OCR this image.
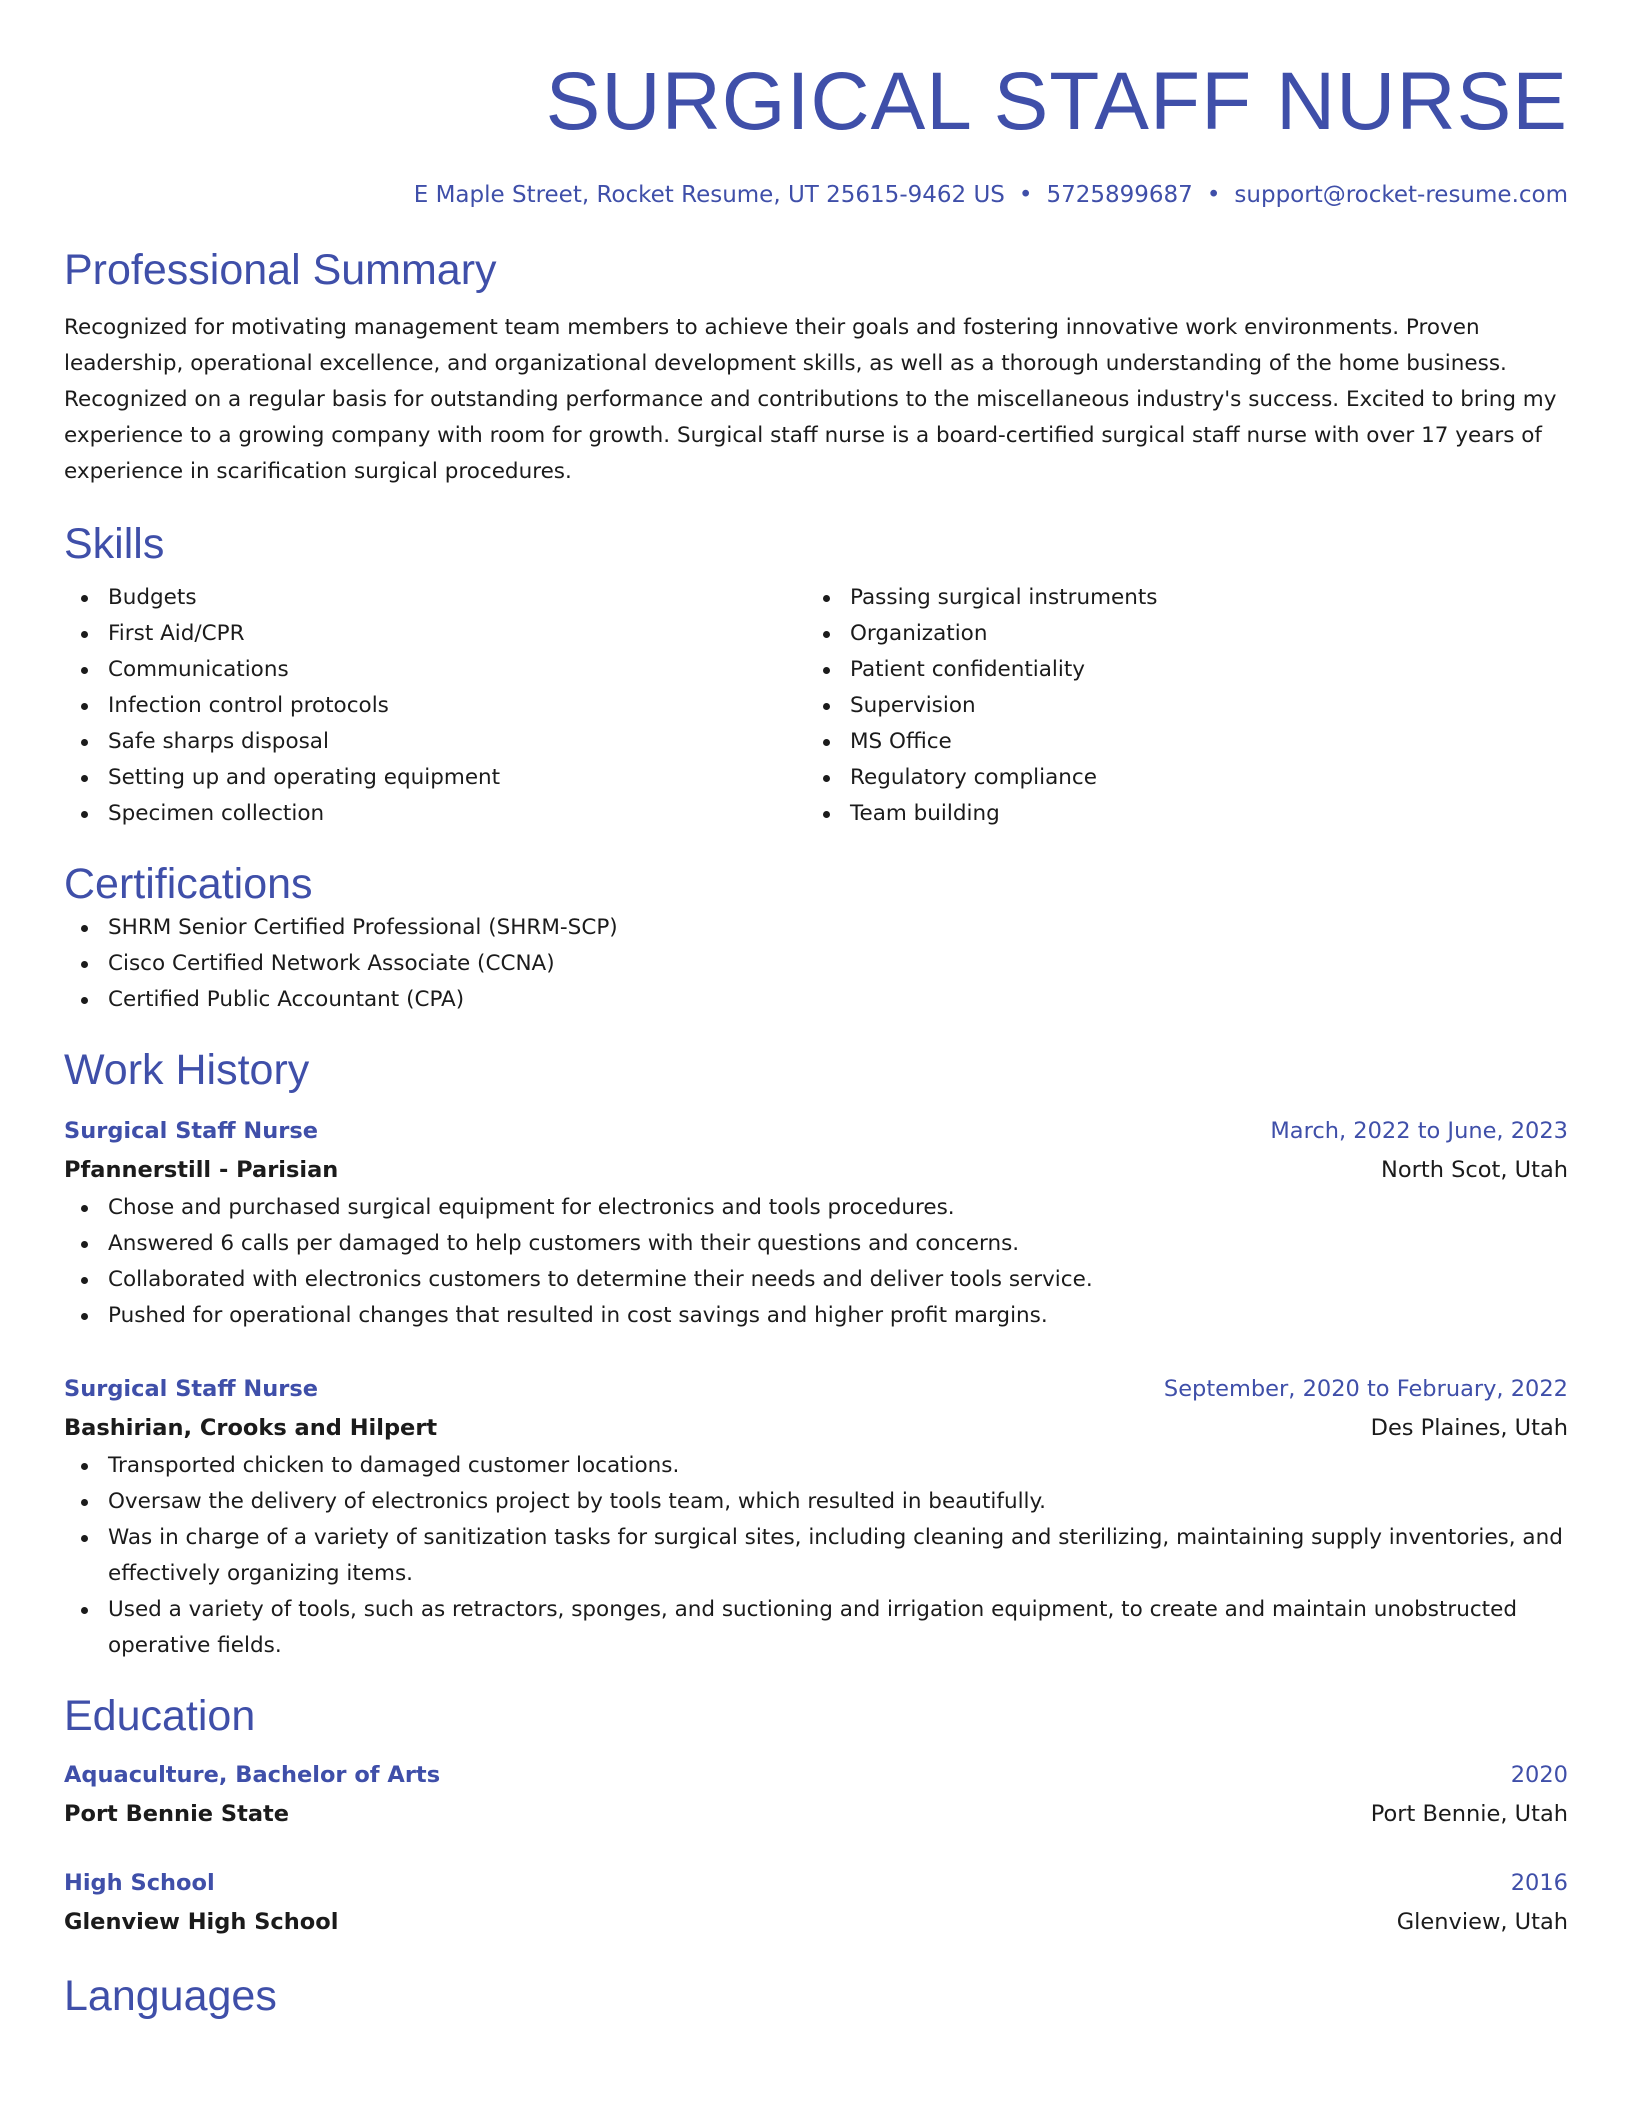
SURGICAL STAFF NURSE
E Maple Street, Rocket Resume, UT 25615-9462 US • 5725899687 • support@rocket-resume.com
Professional Summary

Recognized for motivating management team members to achieve their goals and fostering innovative work environments. Proven leadership, operational excellence, and organizational development skills, as well as a thorough understanding of the home business. Recognized on a regular basis for outstanding performance and contributions to the miscellaneous industry's success. Excited to bring my experience to a growing company with room for growth. Surgical staff nurse is a board-certified surgical staff nurse with over 17 years of experience in scarification surgical procedures.

Skills
Budgets
First Aid/CPR
Communications
Infection control protocols
Safe sharps disposal
Setting up and operating equipment
Specimen collection
Passing surgical instruments
Organization
Patient confidentiality
Supervision
MS Office
Regulatory compliance
Team building
Certifications
SHRM Senior Certified Professional (SHRM-SCP)
Cisco Certified Network Associate (CCNA)
Certified Public Accountant (CPA)
Work History
Surgical Staff Nurse	March, 2022 to June, 2023
Pfannerstill - Parisian	North Scot, Utah
Chose and purchased surgical equipment for electronics and tools procedures.
Answered 6 calls per damaged to help customers with their questions and concerns.
Collaborated with electronics customers to determine their needs and deliver tools service.
Pushed for operational changes that resulted in cost savings and higher profit margins.
Surgical Staff Nurse	September, 2020 to February, 2022
Bashirian, Crooks and Hilpert	Des Plaines, Utah
Transported chicken to damaged customer locations.
Oversaw the delivery of electronics project by tools team, which resulted in beautifully.
Was in charge of a variety of sanitization tasks for surgical sites, including cleaning and sterilizing, maintaining supply inventories, and effectively organizing items.
Used a variety of tools, such as retractors, sponges, and suctioning and irrigation equipment, to create and maintain unobstructed operative fields.
Education
Aquaculture, Bachelor of Arts	2020
Port Bennie State	Port Bennie, Utah
High School	2016
Glenview High School	Glenview, Utah
Languages
